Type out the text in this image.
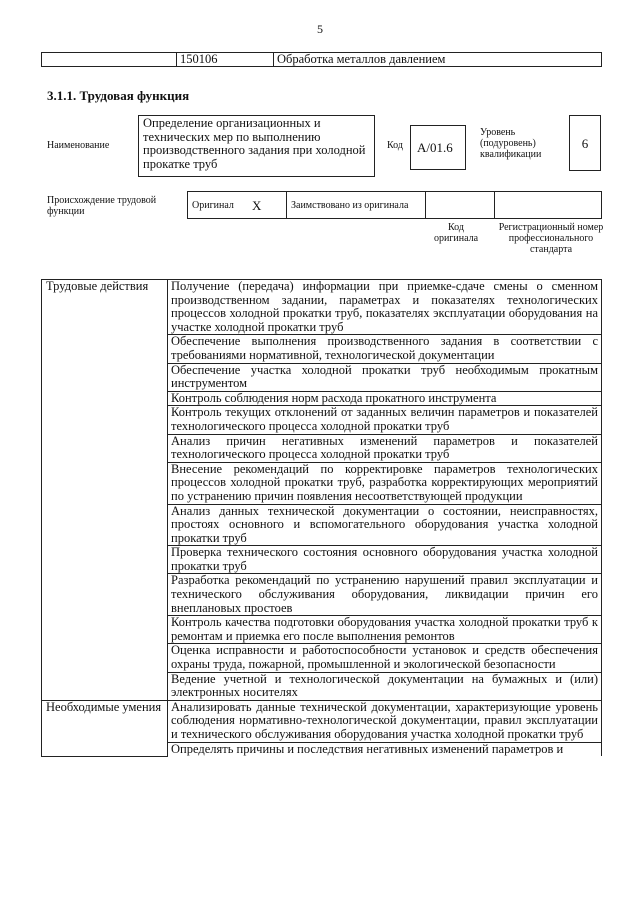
5
	150106	Обработка металлов давлением
3.1.1. Трудовая функция
Наименование
Определение организационных и технических мер по выполнению производственного задания при холодной прокатке труб
Код	A/01.6
Уровень (подуровень) квалификации
6
Происхождение трудовой функции
Оригинал	X	Заимствовано из оригинала		
Код оригинала
Регистрационный номер профессионального стандарта
Трудовые действия	Получение (передача) информации при приемке-сдаче смены о сменном производственном задании, параметрах и показателях технологических процессов холодной прокатки труб, показателях эксплуатации оборудования на участке холодной прокатки труб
	Обеспечение выполнения производственного задания в соответствии с требованиями нормативной, технологической документации
	Обеспечение участка холодной прокатки труб необходимым прокатным инструментом
	Контроль соблюдения норм расхода прокатного инструмента
	Контроль текущих отклонений от заданных величин параметров и показателей технологического процесса холодной прокатки труб
	Анализ причин негативных изменений параметров и показателей технологического процесса холодной прокатки труб
	Внесение рекомендаций по корректировке параметров технологических процессов холодной прокатки труб, разработка корректирующих мероприятий по устранению причин появления несоответствующей продукции
	Анализ данных технической документации о состоянии, неисправностях, простоях основного и вспомогательного оборудования участка холодной прокатки труб
	Проверка технического состояния основного оборудования участка холодной прокатки труб
	Разработка рекомендаций по устранению нарушений правил эксплуатации и технического обслуживания оборудования, ликвидации причин его внеплановых простоев
	Контроль качества подготовки оборудования участка холодной прокатки труб к ремонтам и приемка его после выполнения ремонтов
	Оценка исправности и работоспособности установок и средств обеспечения охраны труда, пожарной, промышленной и экологической безопасности
	Ведение учетной и технологической документации на бумажных и (или) электронных носителях
Необходимые умения	Анализировать данные технической документации, характеризующие уровень соблюдения нормативно-технологической документации, правил эксплуатации и технического обслуживания оборудования участка холодной прокатки труб
	Определять причины и последствия негативных изменений параметров и
